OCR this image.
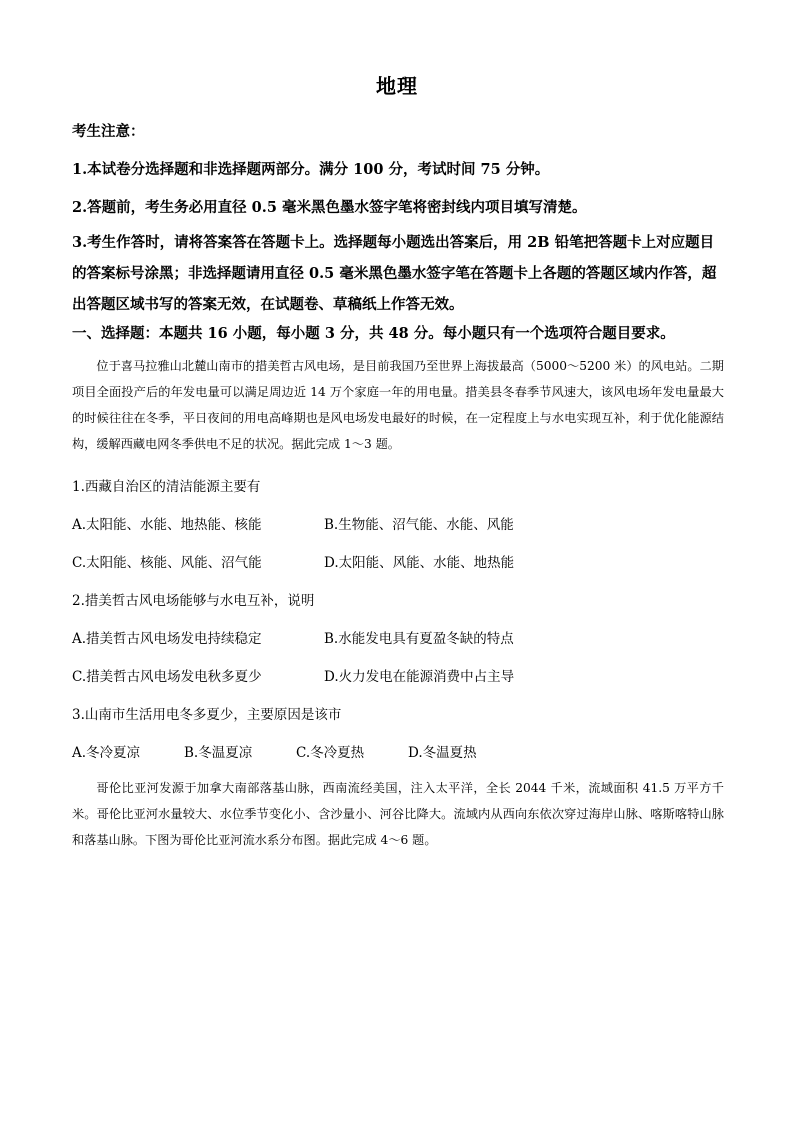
地理
考生注意：
1.本试卷分选择题和非选择题两部分。满分 100 分，考试时间 75 分钟。
2.答题前，考生务必用直径 0.5 毫米黑色墨水签字笔将密封线内项目填写清楚。
3.考生作答时，请将答案答在答题卡上。选择题每小题选出答案后，用 2B 铅笔把答题卡上对应题目的答案标号涂黑；非选择题请用直径 0.5 毫米黑色墨水签字笔在答题卡上各题的答题区域内作答，超出答题区域书写的答案无效，在试题卷、草稿纸上作答无效。
一、选择题：本题共 16 小题，每小题 3 分，共 48 分。每小题只有一个选项符合题目要求。
位于喜马拉雅山北麓山南市的措美哲古风电场，是目前我国乃至世界上海拔最高（5000～5200 米）的风电站。二期项目全面投产后的年发电量可以满足周边近 14 万个家庭一年的用电量。措美县冬春季节风速大，该风电场年发电量最大的时候往往在冬季，平日夜间的用电高峰期也是风电场发电最好的时候，在一定程度上与水电实现互补，利于优化能源结构，缓解西藏电网冬季供电不足的状况。据此完成 1～3 题。
1.西藏自治区的清洁能源主要有
A.太阳能、水能、地热能、核能	B.生物能、沼气能、水能、风能
C.太阳能、核能、风能、沼气能	D.太阳能、风能、水能、地热能
2.措美哲古风电场能够与水电互补，说明
A.措美哲古风电场发电持续稳定	B.水能发电具有夏盈冬缺的特点
C.措美哲古风电场发电秋多夏少	D.火力发电在能源消费中占主导
3.山南市生活用电冬多夏少，主要原因是该市
A.冬冷夏凉	B.冬温夏凉	C.冬冷夏热	D.冬温夏热
哥伦比亚河发源于加拿大南部落基山脉，西南流经美国，注入太平洋，全长 2044 千米，流域面积 41.5 万平方千米。哥伦比亚河水量较大、水位季节变化小、含沙量小、河谷比降大。流域内从西向东依次穿过海岸山脉、喀斯喀特山脉和落基山脉。下图为哥伦比亚河流水系分布图。据此完成 4～6 题。
